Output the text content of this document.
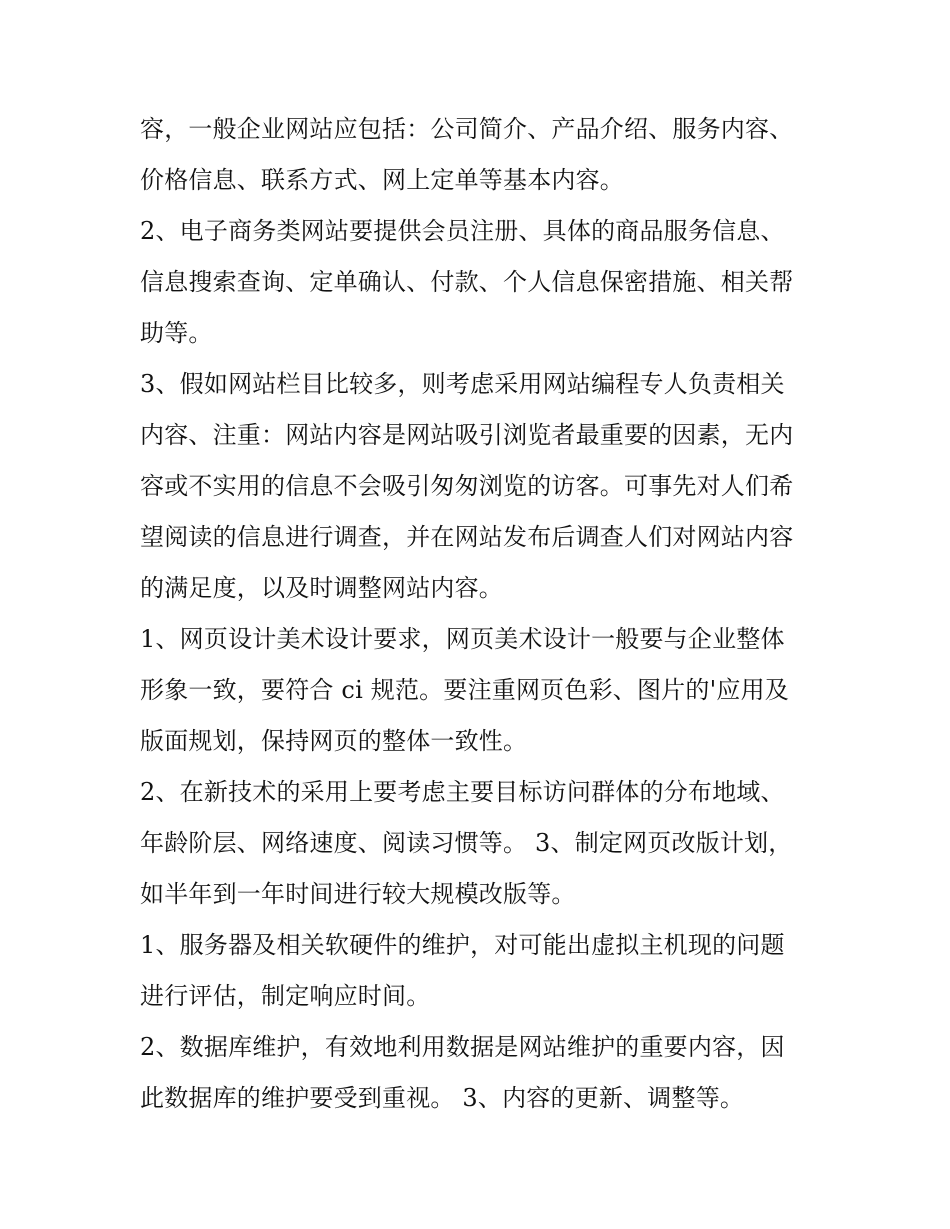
容，一般企业网站应包括：公司简介、产品介绍、服务内容、
价格信息、联系方式、网上定单等基本内容。

2、电子商务类网站要提供会员注册、具体的商品服务信息、
信息搜索查询、定单确认、付款、个人信息保密措施、相关帮
助等。

3、假如网站栏目比较多，则考虑采用网站编程专人负责相关
内容、注重：网站内容是网站吸引浏览者最重要的因素，无内
容或不实用的信息不会吸引匆匆浏览的访客。可事先对人们希
望阅读的信息进行调查，并在网站发布后调查人们对网站内容
的满足度，以及时调整网站内容。

1、网页设计美术设计要求，网页美术设计一般要与企业整体
形象一致，要符合 ci 规范。要注重网页色彩、图片的'应用及
版面规划，保持网页的整体一致性。

2、在新技术的采用上要考虑主要目标访问群体的分布地域、
年龄阶层、网络速度、阅读习惯等。 3、制定网页改版计划，
如半年到一年时间进行较大规模改版等。

1、服务器及相关软硬件的维护，对可能出虚拟主机现的问题
进行评估，制定响应时间。

2、数据库维护，有效地利用数据是网站维护的重要内容，因
此数据库的维护要受到重视。 3、内容的更新、调整等。
